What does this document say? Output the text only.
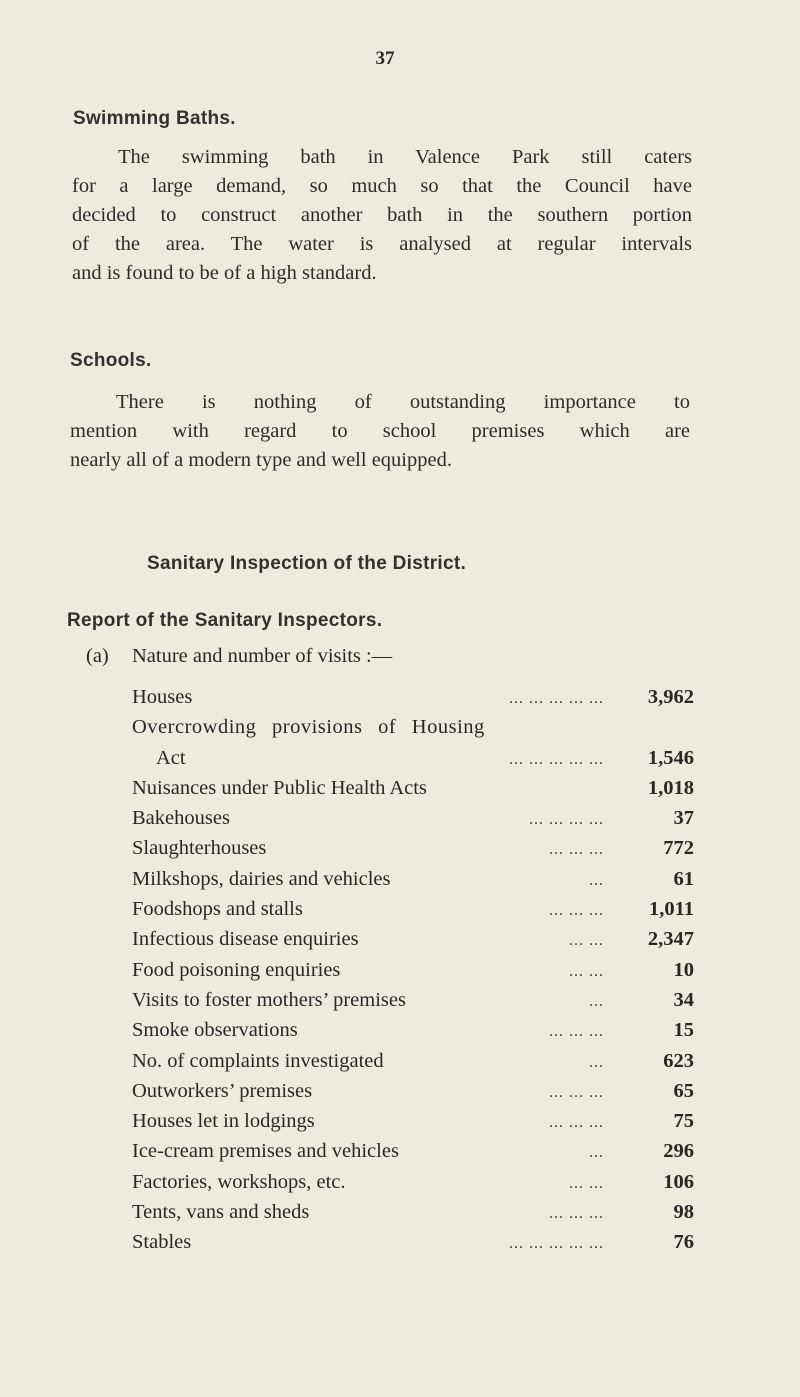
37
Swimming Baths.
The swimming bath in Valence Park still caters
for a large demand, so much so that the Council have
decided to construct another bath in the southern portion
of the area. The water is analysed at regular intervals
and is found to be of a high standard.
Schools.
There is nothing of outstanding importance to
mention with regard to school premises which are
nearly all of a modern type and well equipped.
Sanitary Inspection of the District.
Report of the Sanitary Inspectors.
(a) Nature and number of visits :—
Houses	... ... ... ... ...	3,962
Overcrowding provisions of Housing
Act	... ... ... ... ...	1,546
Nuisances under Public Health Acts	1,018
Bakehouses	... ... ... ...	37
Slaughterhouses	... ... ...	772
Milkshops, dairies and vehicles	...	61
Foodshops and stalls	... ... ...	1,011
Infectious disease enquiries	... ...	2,347
Food poisoning enquiries	... ...	10
Visits to foster mothers’ premises	...	34
Smoke observations	... ... ...	15
No. of complaints investigated	...	623
Outworkers’ premises	... ... ...	65
Houses let in lodgings	... ... ...	75
Ice-cream premises and vehicles	...	296
Factories, workshops, etc.	... ...	106
Tents, vans and sheds	... ... ...	98
Stables	... ... ... ... ...	76
